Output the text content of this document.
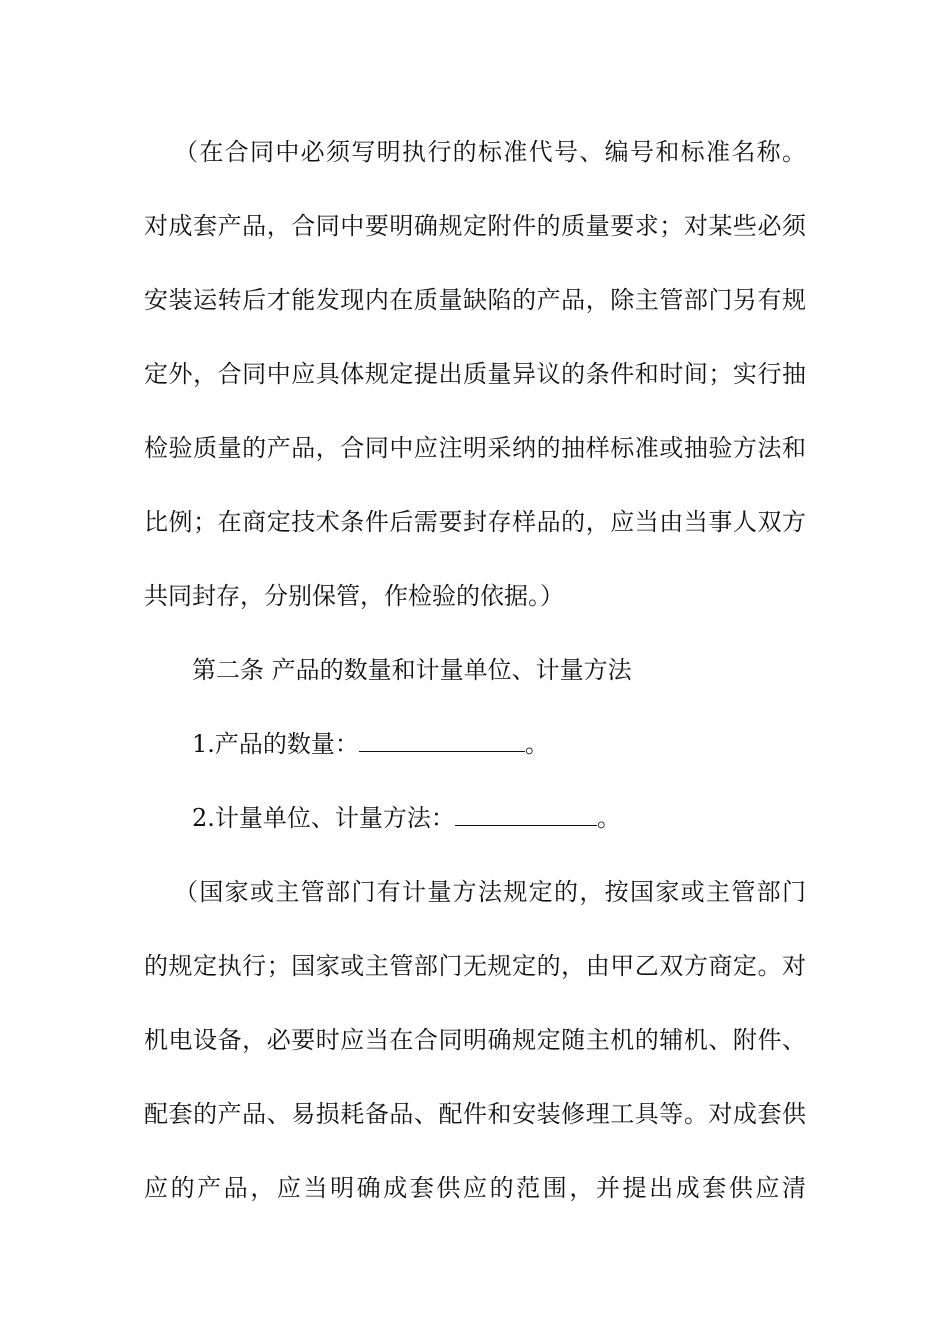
（在合同中必须写明执行的标准代号、编号和标准名称。
对成套产品，合同中要明确规定附件的质量要求；对某些必须
安装运转后才能发现内在质量缺陷的产品，除主管部门另有规
定外，合同中应具体规定提出质量异议的条件和时间；实行抽
检验质量的产品，合同中应注明采纳的抽样标准或抽验方法和
比例；在商定技术条件后需要封存样品的，应当由当事人双方
共同封存，分别保管，作检验的依据。）
第二条 产品的数量和计量单位、计量方法
1.产品的数量：	。
2.计量单位、计量方法：	。
（国家或主管部门有计量方法规定的，按国家或主管部门
的规定执行；国家或主管部门无规定的，由甲乙双方商定。对
机电设备，必要时应当在合同明确规定随主机的辅机、附件、
配套的产品、易损耗备品、配件和安装修理工具等。对成套供
应的产品，应当明确成套供应的范围，并提出成套供应清
